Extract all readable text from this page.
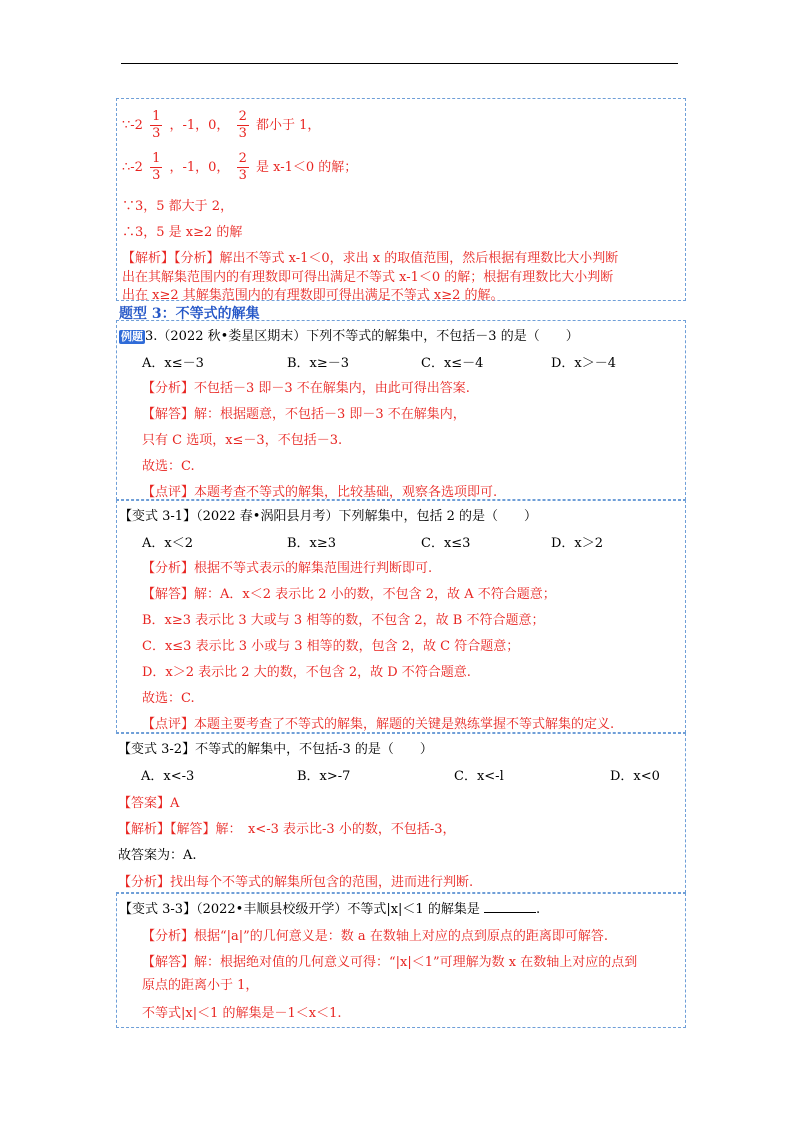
∵-2 $\frac{1}{3}$ ，-1，0， $\frac{2}{3}$ 都小于 1，
∴-2 $\frac{1}{3}$ ，-1，0， $\frac{2}{3}$ 是 x-1＜0 的解；
∵3，5 都大于 2，
∴3，5 是 x≥2 的解
【解析】【分析】解出不等式 x-1＜0，求出 x 的取值范围，然后根据有理数比大小判断
出在其解集范围内的有理数即可得出满足不等式 x-1＜0 的解；根据有理数比大小判断
出在 x≥2 其解集范围内的有理数即可得出满足不等式 x≥2 的解。
题型 3：不等式的解集
例题 3.（2022 秋•娄星区期末）下列不等式的解集中，不包括－3 的是（　　）
A．x≤－3	B．x≥－3	C．x≤－4	D．x＞－4
【分析】不包括－3 即－3 不在解集内，由此可得出答案.
【解答】解：根据题意，不包括－3 即－3 不在解集内，
只有 C 选项，x≤－3，不包括－3.
故选：C.
【点评】本题考查不等式的解集，比较基础，观察各选项即可.
【变式 3-1】（2022 春•涡阳县月考）下列解集中，包括 2 的是（　　）
A．x＜2	B．x≥3	C．x≤3	D．x＞2
【分析】根据不等式表示的解集范围进行判断即可.
【解答】解：A．x＜2 表示比 2 小的数，不包含 2，故 A 不符合题意；
B．x≥3 表示比 3 大或与 3 相等的数，不包含 2，故 B 不符合题意；
C．x≤3 表示比 3 小或与 3 相等的数，包含 2，故 C 符合题意；
D．x＞2 表示比 2 大的数，不包含 2，故 D 不符合题意.
故选：C.
【点评】本题主要考查了不等式的解集，解题的关键是熟练掌握不等式解集的定义.
【变式 3-2】不等式的解集中，不包括-3 的是（　　）
A．x<-3	B．x>-7	C．x<-l	D．x<0
【答案】A
【解析】【解答】解：　x<-3 表示比-3 小的数，不包括-3，
故答案为：A.
【分析】找出每个不等式的解集所包含的范围，进而进行判断.
【变式 3-3】（2022•丰顺县校级开学）不等式|x|＜1 的解集是	.
【分析】根据“|a|”的几何意义是：数 a 在数轴上对应的点到原点的距离即可解答.
【解答】解：根据绝对值的几何意义可得：“|x|＜1”可理解为数 x 在数轴上对应的点到
原点的距离小于 1，
不等式|x|＜1 的解集是－1＜x＜1.
